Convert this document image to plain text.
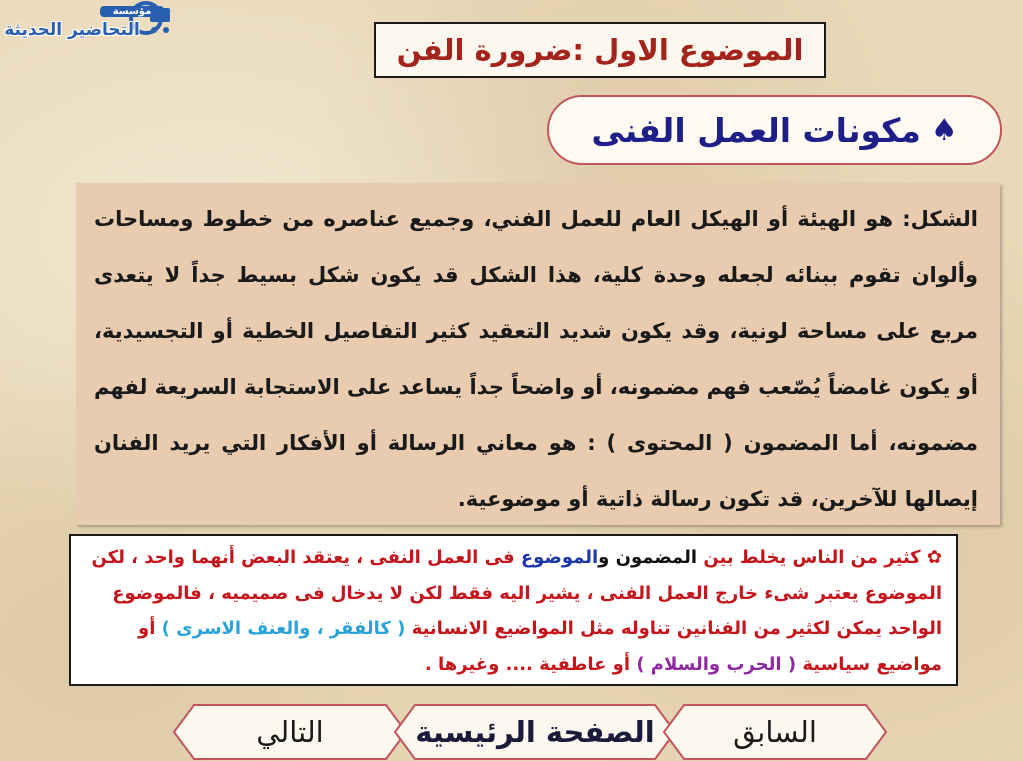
مؤسسة
التحاضير الحديثة
الموضوع الاول :ضرورة الفن
♠
مكونات العمل الفنى
الشكل: هو الهيئة أو الهيكل العام للعمل الفني، وجميع عناصره من خطوط ومساحات وألوان تقوم ببنائه لجعله وحدة كلية، هذا الشكل قد يكون شكل بسيط جداً لا يتعدى مربع على مساحة لونية، وقد يكون شديد التعقيد كثير التفاصيل الخطية أو التجسيدية، أو يكون غامضاً يُصّعب فهم مضمونه، أو واضحاً جداً يساعد على الاستجابة السريعة لفهم مضمونه، أما المضمون ( المحتوى ) : هو معاني الرسالة أو الأفكار التي يريد الفنان إيصالها للآخرين، قد تكون رسالة ذاتية أو موضوعية.
✿ كثير من الناس يخلط بين المضمون والموضوع فى العمل النفى ، يعتقد البعض أنهما واحد ، لكن الموضوع يعتبر شىء خارج العمل الفنى ، يشير اليه فقط لكن لا يدخال فى صميميه ، فالموضوع الواحد يمكن لكثير من الفنانين تناوله مثل المواضيع الانسانية ( كالفقر ، والعنف الاسرى ) أو مواضيع سياسية ( الحرب والسلام ) أو عاطفية .... وغيرها .
التالي	الصفحة الرئيسية	السابق
